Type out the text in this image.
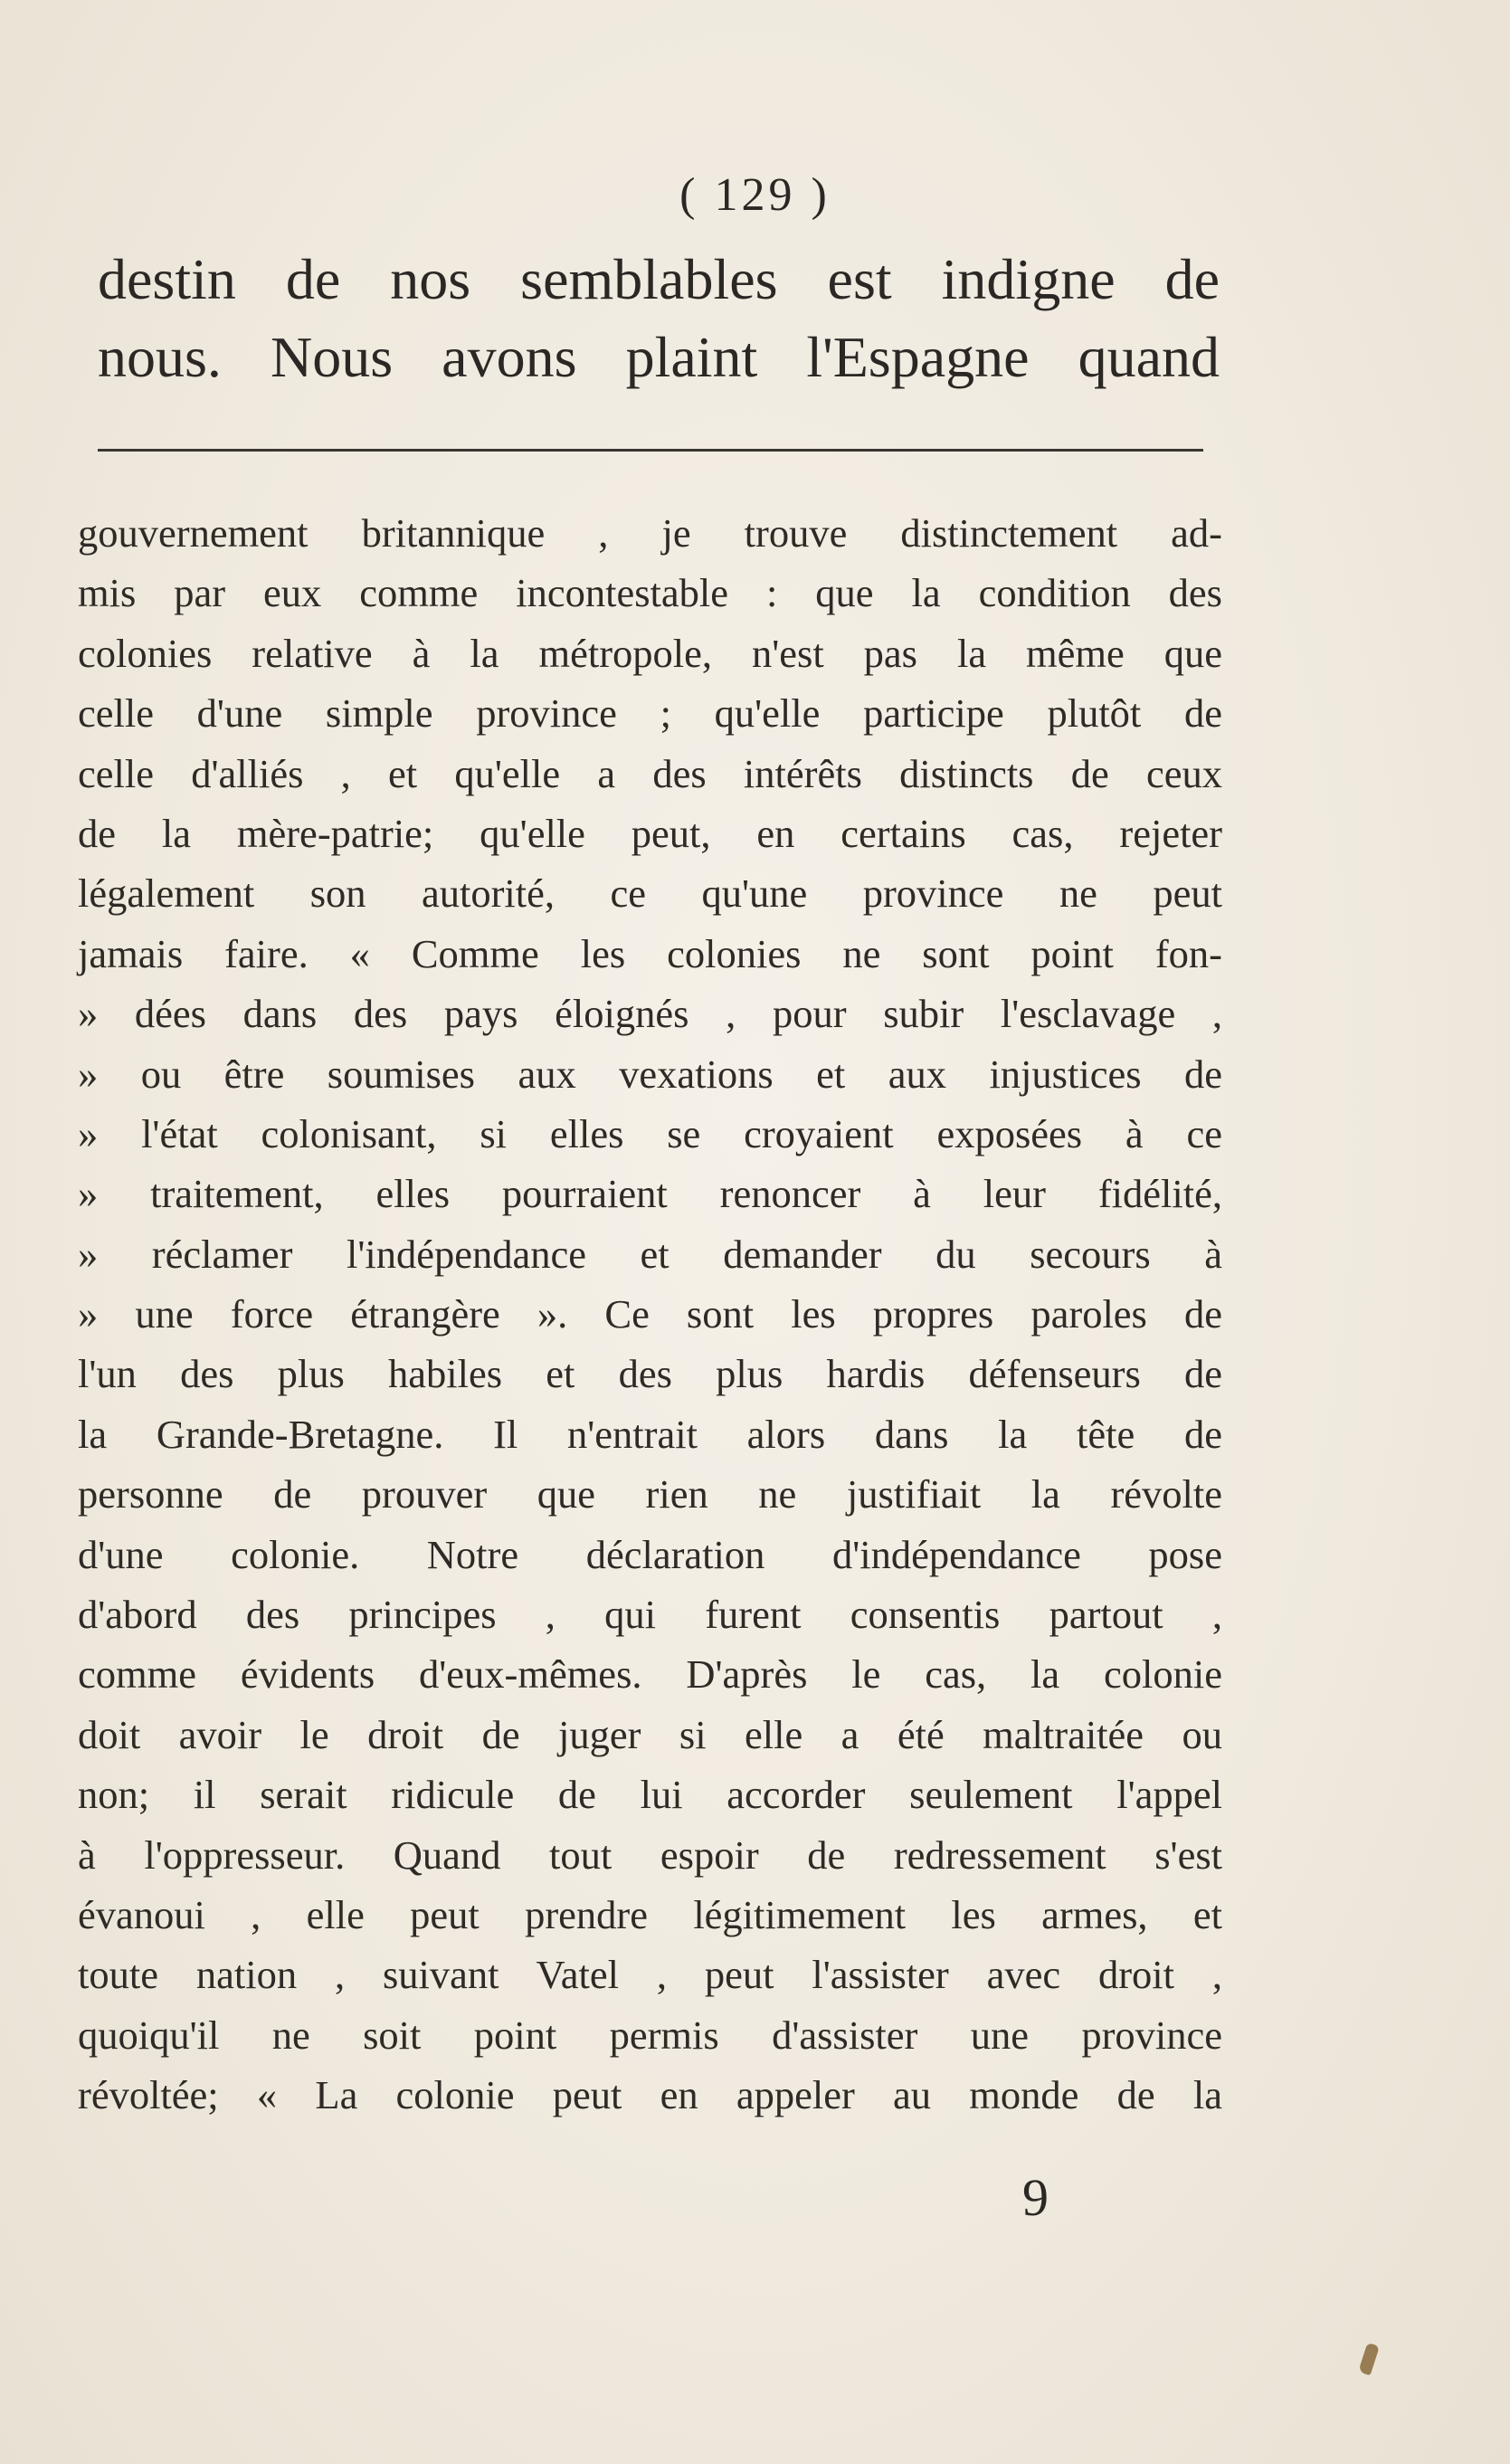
( 129 )
destin de nos semblables est indigne de
nous. Nous avons plaint l'Espagne quand
gouvernement britannique , je trouve distinctement ad-
mis par eux comme incontestable : que la condition des
colonies relative à la métropole, n'est pas la même que
celle d'une simple province ; qu'elle participe plutôt de
celle d'alliés , et qu'elle a des intérêts distincts de ceux
de la mère-patrie; qu'elle peut, en certains cas, rejeter
légalement son autorité, ce qu'une province ne peut
jamais faire. « Comme les colonies ne sont point fon-
» dées dans des pays éloignés , pour subir l'esclavage ,
» ou être soumises aux vexations et aux injustices de
» l'état colonisant, si elles se croyaient exposées à ce
» traitement, elles pourraient renoncer à leur fidélité,
» réclamer l'indépendance et demander du secours à
» une force étrangère ». Ce sont les propres paroles de
l'un des plus habiles et des plus hardis défenseurs de
la Grande-Bretagne. Il n'entrait alors dans la tête de
personne de prouver que rien ne justifiait la révolte
d'une colonie. Notre déclaration d'indépendance pose
d'abord des principes , qui furent consentis partout ,
comme évidents d'eux-mêmes. D'après le cas, la colonie
doit avoir le droit de juger si elle a été maltraitée ou
non; il serait ridicule de lui accorder seulement l'appel
à l'oppresseur. Quand tout espoir de redressement s'est
évanoui , elle peut prendre légitimement les armes, et
toute nation , suivant Vatel , peut l'assister avec droit ,
quoiqu'il ne soit point permis d'assister une province
révoltée; « La colonie peut en appeler au monde de la
9
